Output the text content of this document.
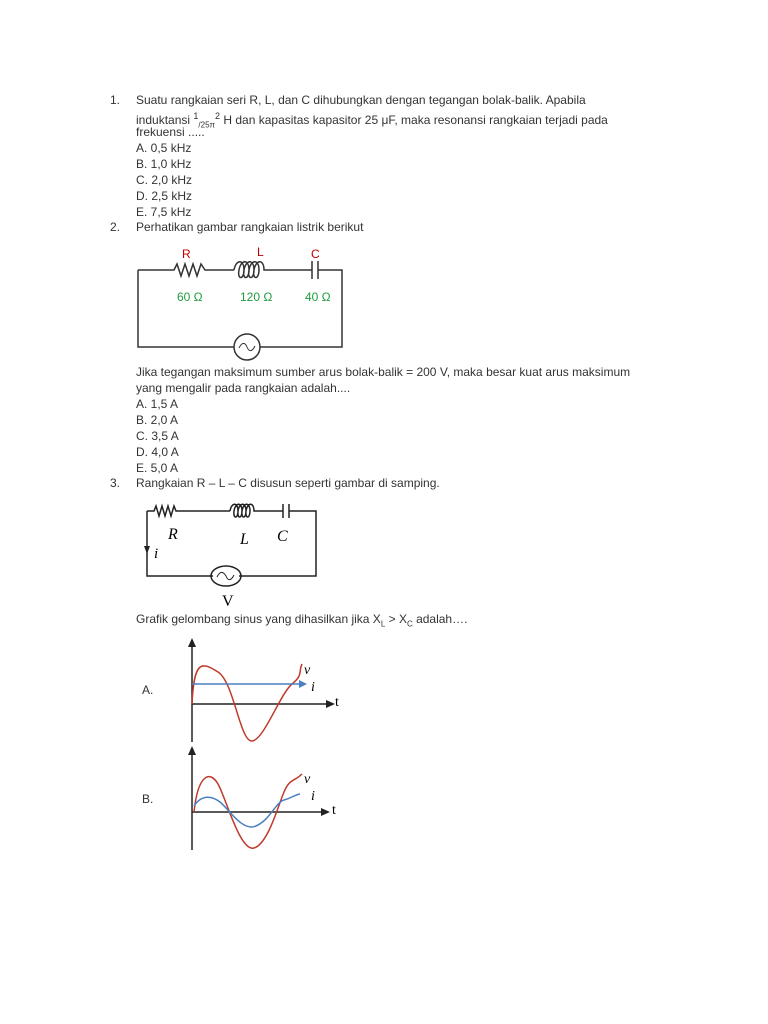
1. Suatu rangkaian seri R, L, dan C dihubungkan dengan tegangan bolak-balik. Apabila
induktansi $^1_{/25\pi}^2$ H dan kapasitas kapasitor 25 μF, maka resonansi rangkaian terjadi pada
frekuensi .....
A. 0,5 kHz
B. 1,0 kHz
C. 2,0 kHz
D. 2,5 kHz
E. 7,5 kHz
2. Perhatikan gambar rangkaian listrik berikut
R	L	C
60 Ω	120 Ω	40 Ω
Jika tegangan maksimum sumber arus bolak-balik = 200 V, maka besar kuat arus maksimum
yang mengalir pada rangkaian adalah....
A. 1,5 A
B. 2,0 A
C. 3,5 A
D. 4,0 A
E. 5,0 A
3. Rangkaian R – L – C disusun seperti gambar di samping.
R	L C
i
V
Grafik gelombang sinus yang dihasilkan jika $X_L > X_C$ adalah….
A.
v
i
t
B.
v
i
t
